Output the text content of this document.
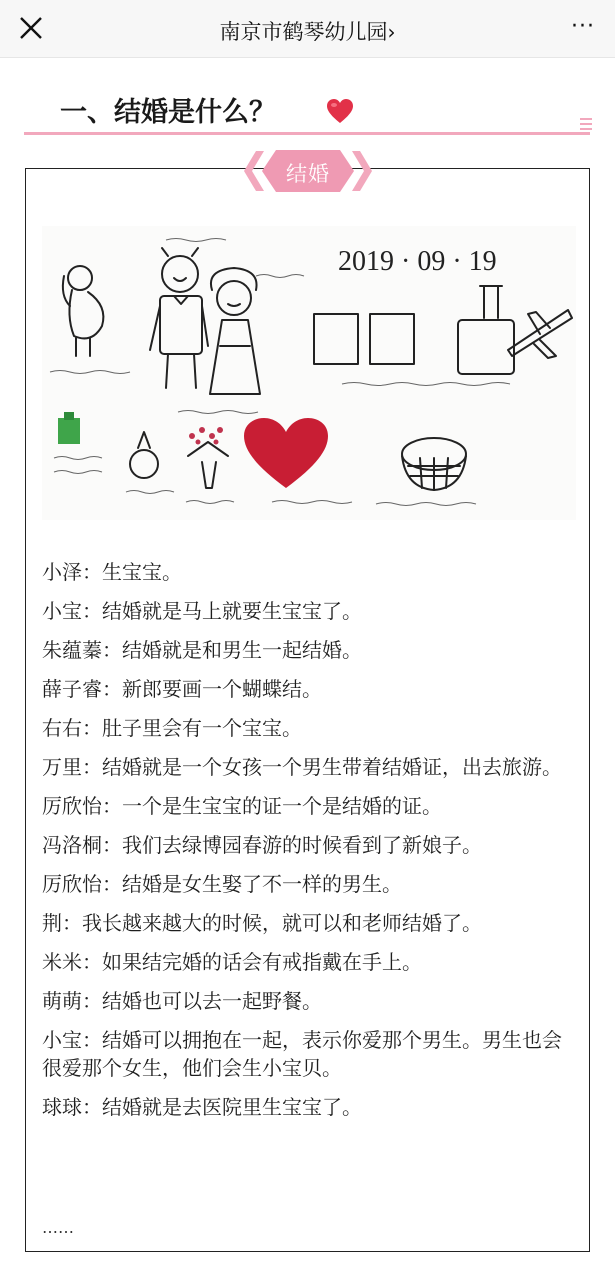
南京市鹤琴幼儿园›	···
一、结婚是什么？
结婚
2019 · 09 · 19

小泽：生宝宝。

小宝：结婚就是马上就要生宝宝了。

朱蕴蓁：结婚就是和男生一起结婚。

薛子睿：新郎要画一个蝴蝶结。

右右：肚子里会有一个宝宝。

万里：结婚就是一个女孩一个男生带着结婚证，出去旅游。

厉欣怡：一个是生宝宝的证一个是结婚的证。

冯洛桐：我们去绿博园春游的时候看到了新娘子。

厉欣怡：结婚是女生娶了不一样的男生。

荆：我长越来越大的时候，就可以和老师结婚了。

米米：如果结完婚的话会有戒指戴在手上。

萌萌：结婚也可以去一起野餐。

小宝：结婚可以拥抱在一起，表示你爱那个男生。男生也会很爱那个女生，他们会生小宝贝。

球球：结婚就是去医院里生宝宝了。

……
